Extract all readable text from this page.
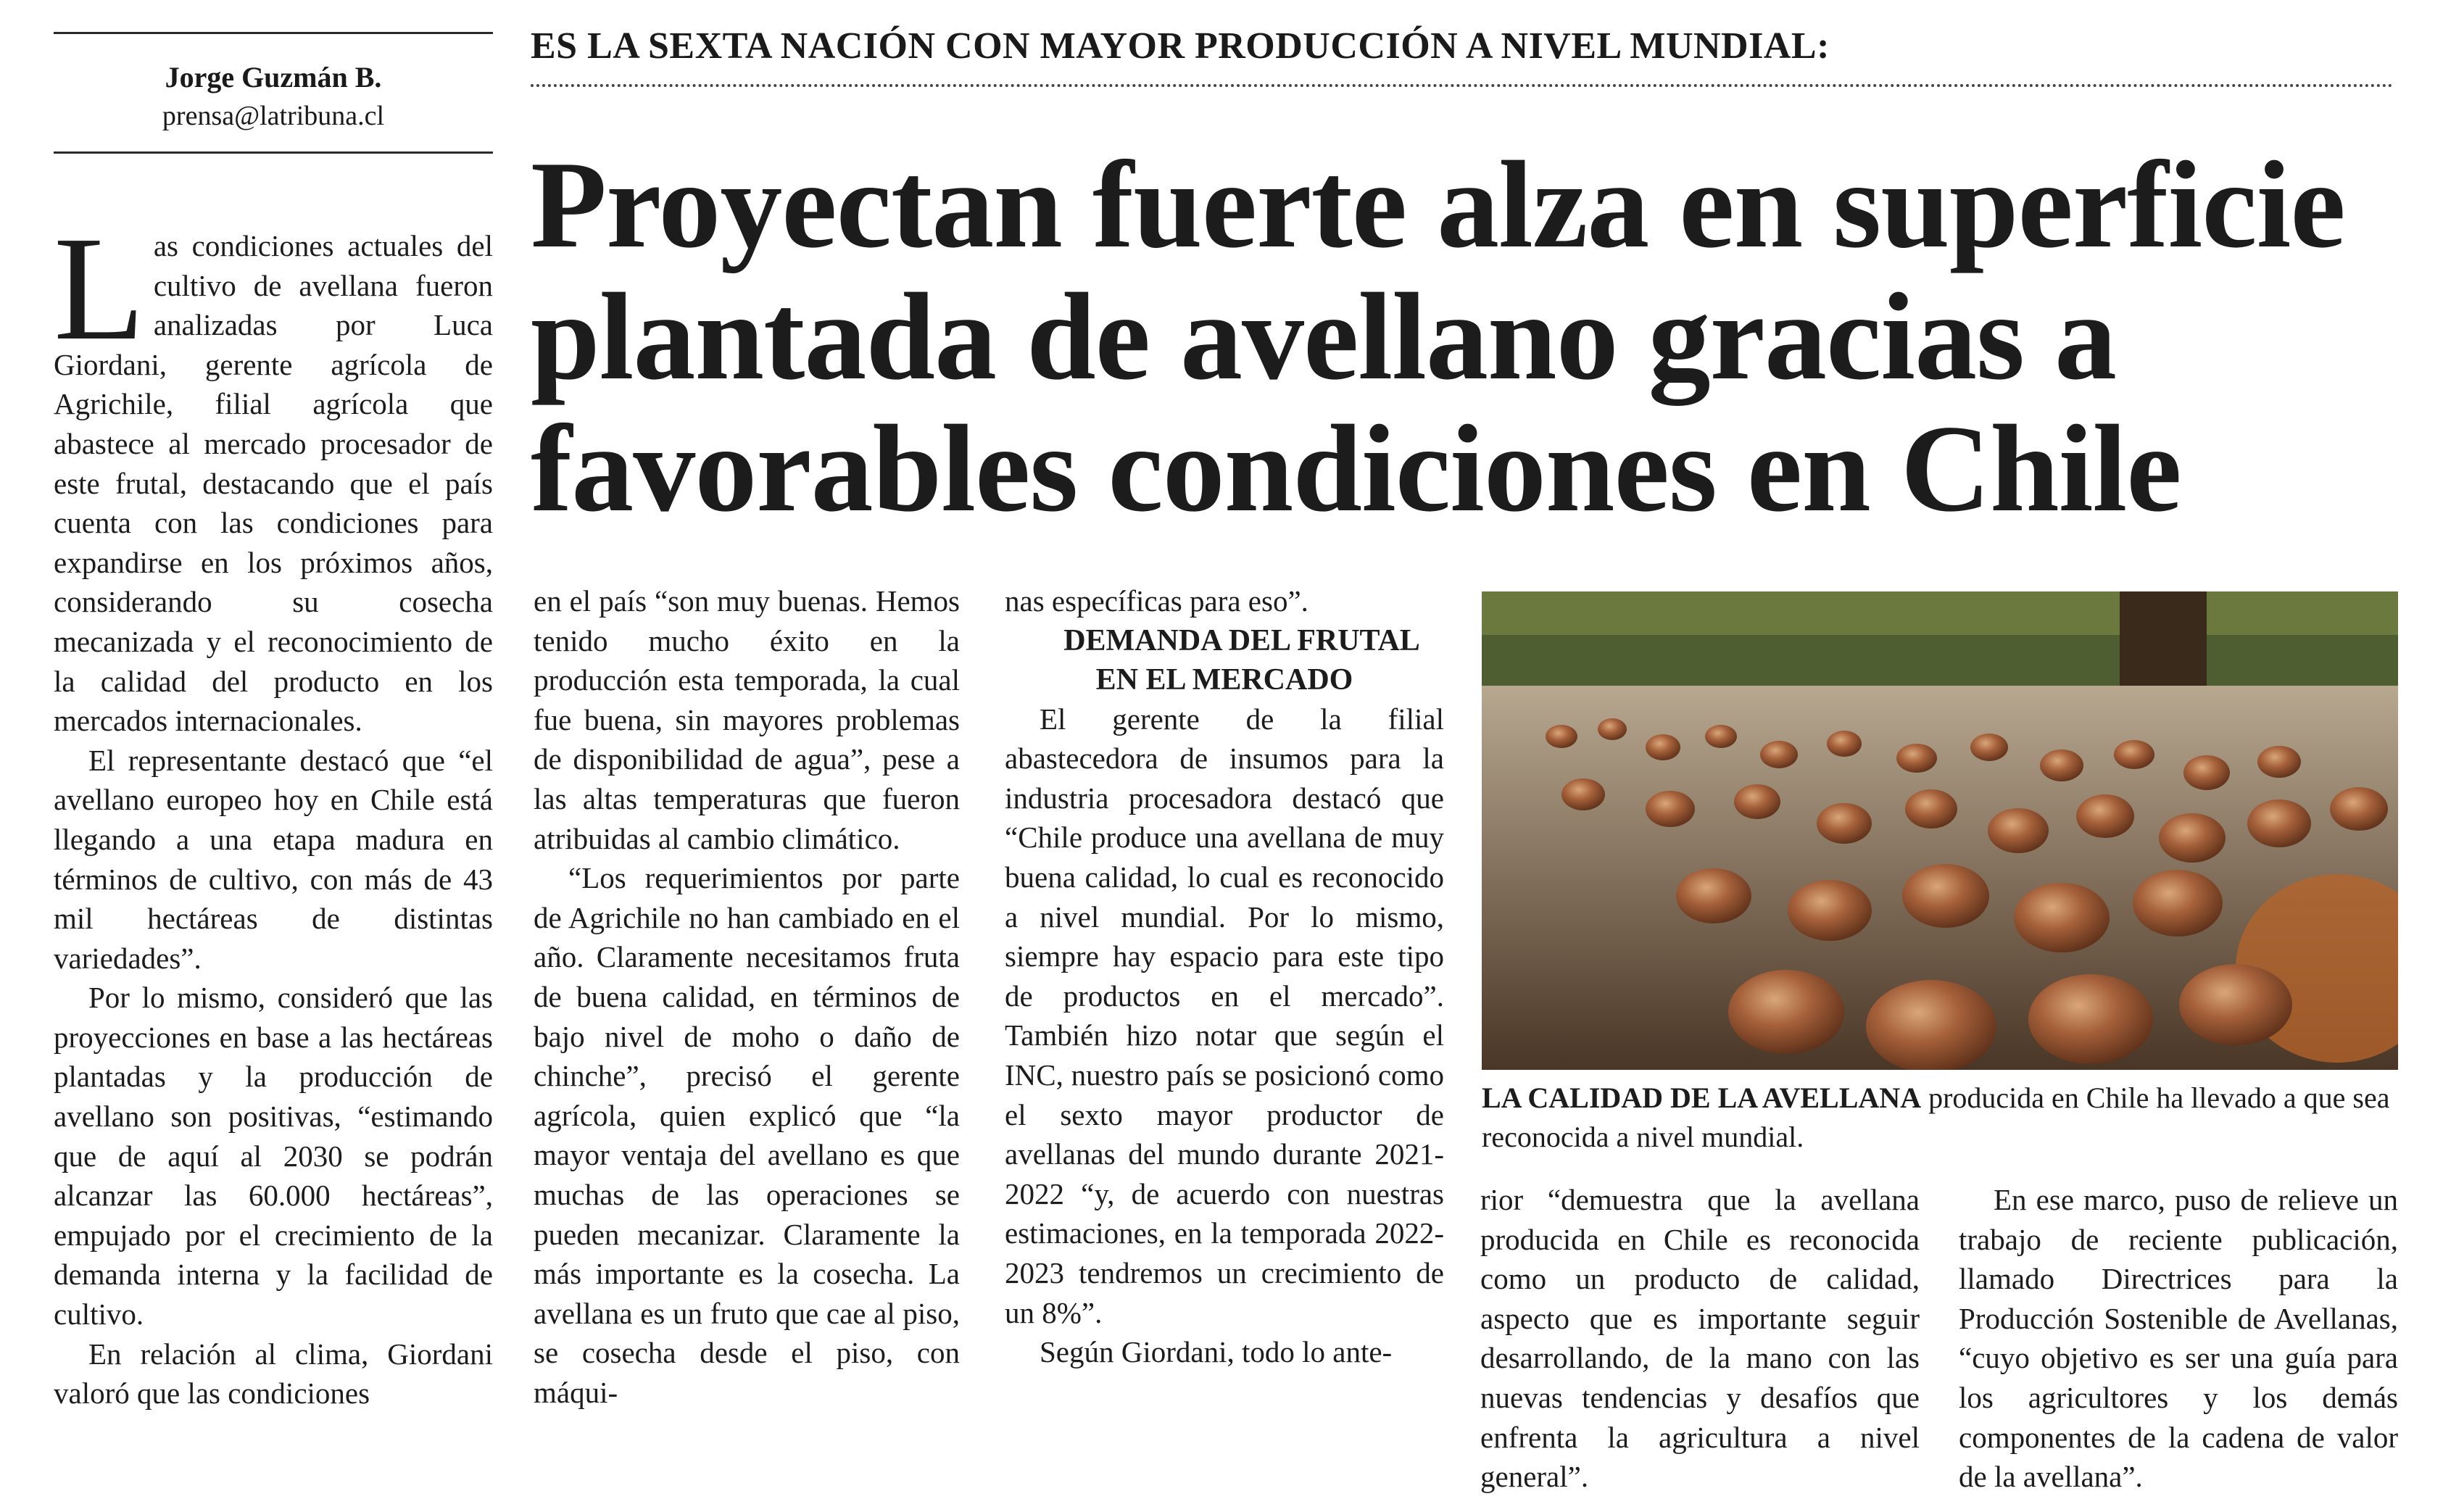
Jorge Guzmán B.
prensa@latribuna.cl
ES LA SEXTA NACIÓN CON MAYOR PRODUCCIÓN A NIVEL MUNDIAL:
Proyectan fuerte alza en superficie
plantada de avellano gracias a
favorables condiciones en Chile

Las condiciones actuales del cultivo de avellana fueron analizadas por Luca Giordani, gerente agrícola de Agrichile, filial agrícola que abastece al mercado procesador de este frutal, destacando que el país cuenta con las condiciones para expandirse en los próximos años, considerando su cosecha mecanizada y el reconocimiento de la calidad del producto en los mercados internacionales.

El representante destacó que “el avellano europeo hoy en Chile está llegando a una etapa madura en términos de cultivo, con más de 43 mil hectáreas de distintas variedades”.

Por lo mismo, consideró que las proyecciones en base a las hectáreas plantadas y la producción de avellano son positivas, “estimando que de aquí al 2030 se podrán alcanzar las 60.000 hectáreas”, empujado por el crecimiento de la demanda interna y la facilidad de cultivo.

En relación al clima, Giordani valoró que las condiciones

en el país “son muy buenas. Hemos tenido mucho éxito en la producción esta temporada, la cual fue buena, sin mayores problemas de disponibilidad de agua”, pese a las altas temperaturas que fueron atribuidas al cambio climático.

“Los requerimientos por parte de Agrichile no han cambiado en el año. Claramente necesitamos fruta de buena calidad, en términos de bajo nivel de moho o daño de chinche”, precisó el gerente agrícola, quien explicó que “la mayor ventaja del avellano es que muchas de las operaciones se pueden mecanizar. Claramente la más importante es la cosecha. La avellana es un fruto que cae al piso, se cosecha desde el piso, con máqui-

nas específicas para eso”.

DEMANDA DEL FRUTAL EN EL MERCADO

El gerente de la filial abastecedora de insumos para la industria procesadora destacó que “Chile produce una avellana de muy buena calidad, lo cual es reconocido a nivel mundial. Por lo mismo, siempre hay espacio para este tipo de productos en el mercado”. También hizo notar que según el INC, nuestro país se posicionó como el sexto mayor productor de avellanas del mundo durante 2021-2022 “y, de acuerdo con nuestras estimaciones, en la temporada 2022-2023 tendremos un crecimiento de un 8%”.

Según Giordani, todo lo ante-

LA CALIDAD DE LA AVELLANA producida en Chile ha llevado a que sea reconocida a nivel mundial.

rior “demuestra que la avellana producida en Chile es reconocida como un producto de calidad, aspecto que es importante seguir desarrollando, de la mano con las nuevas tendencias y desafíos que enfrenta la agricultura a nivel general”.

En ese marco, puso de relieve un trabajo de reciente publicación, llamado Directrices para la Producción Sostenible de Avellanas, “cuyo objetivo es ser una guía para los agricultores y los demás componentes de la cadena de valor de la avellana”.
